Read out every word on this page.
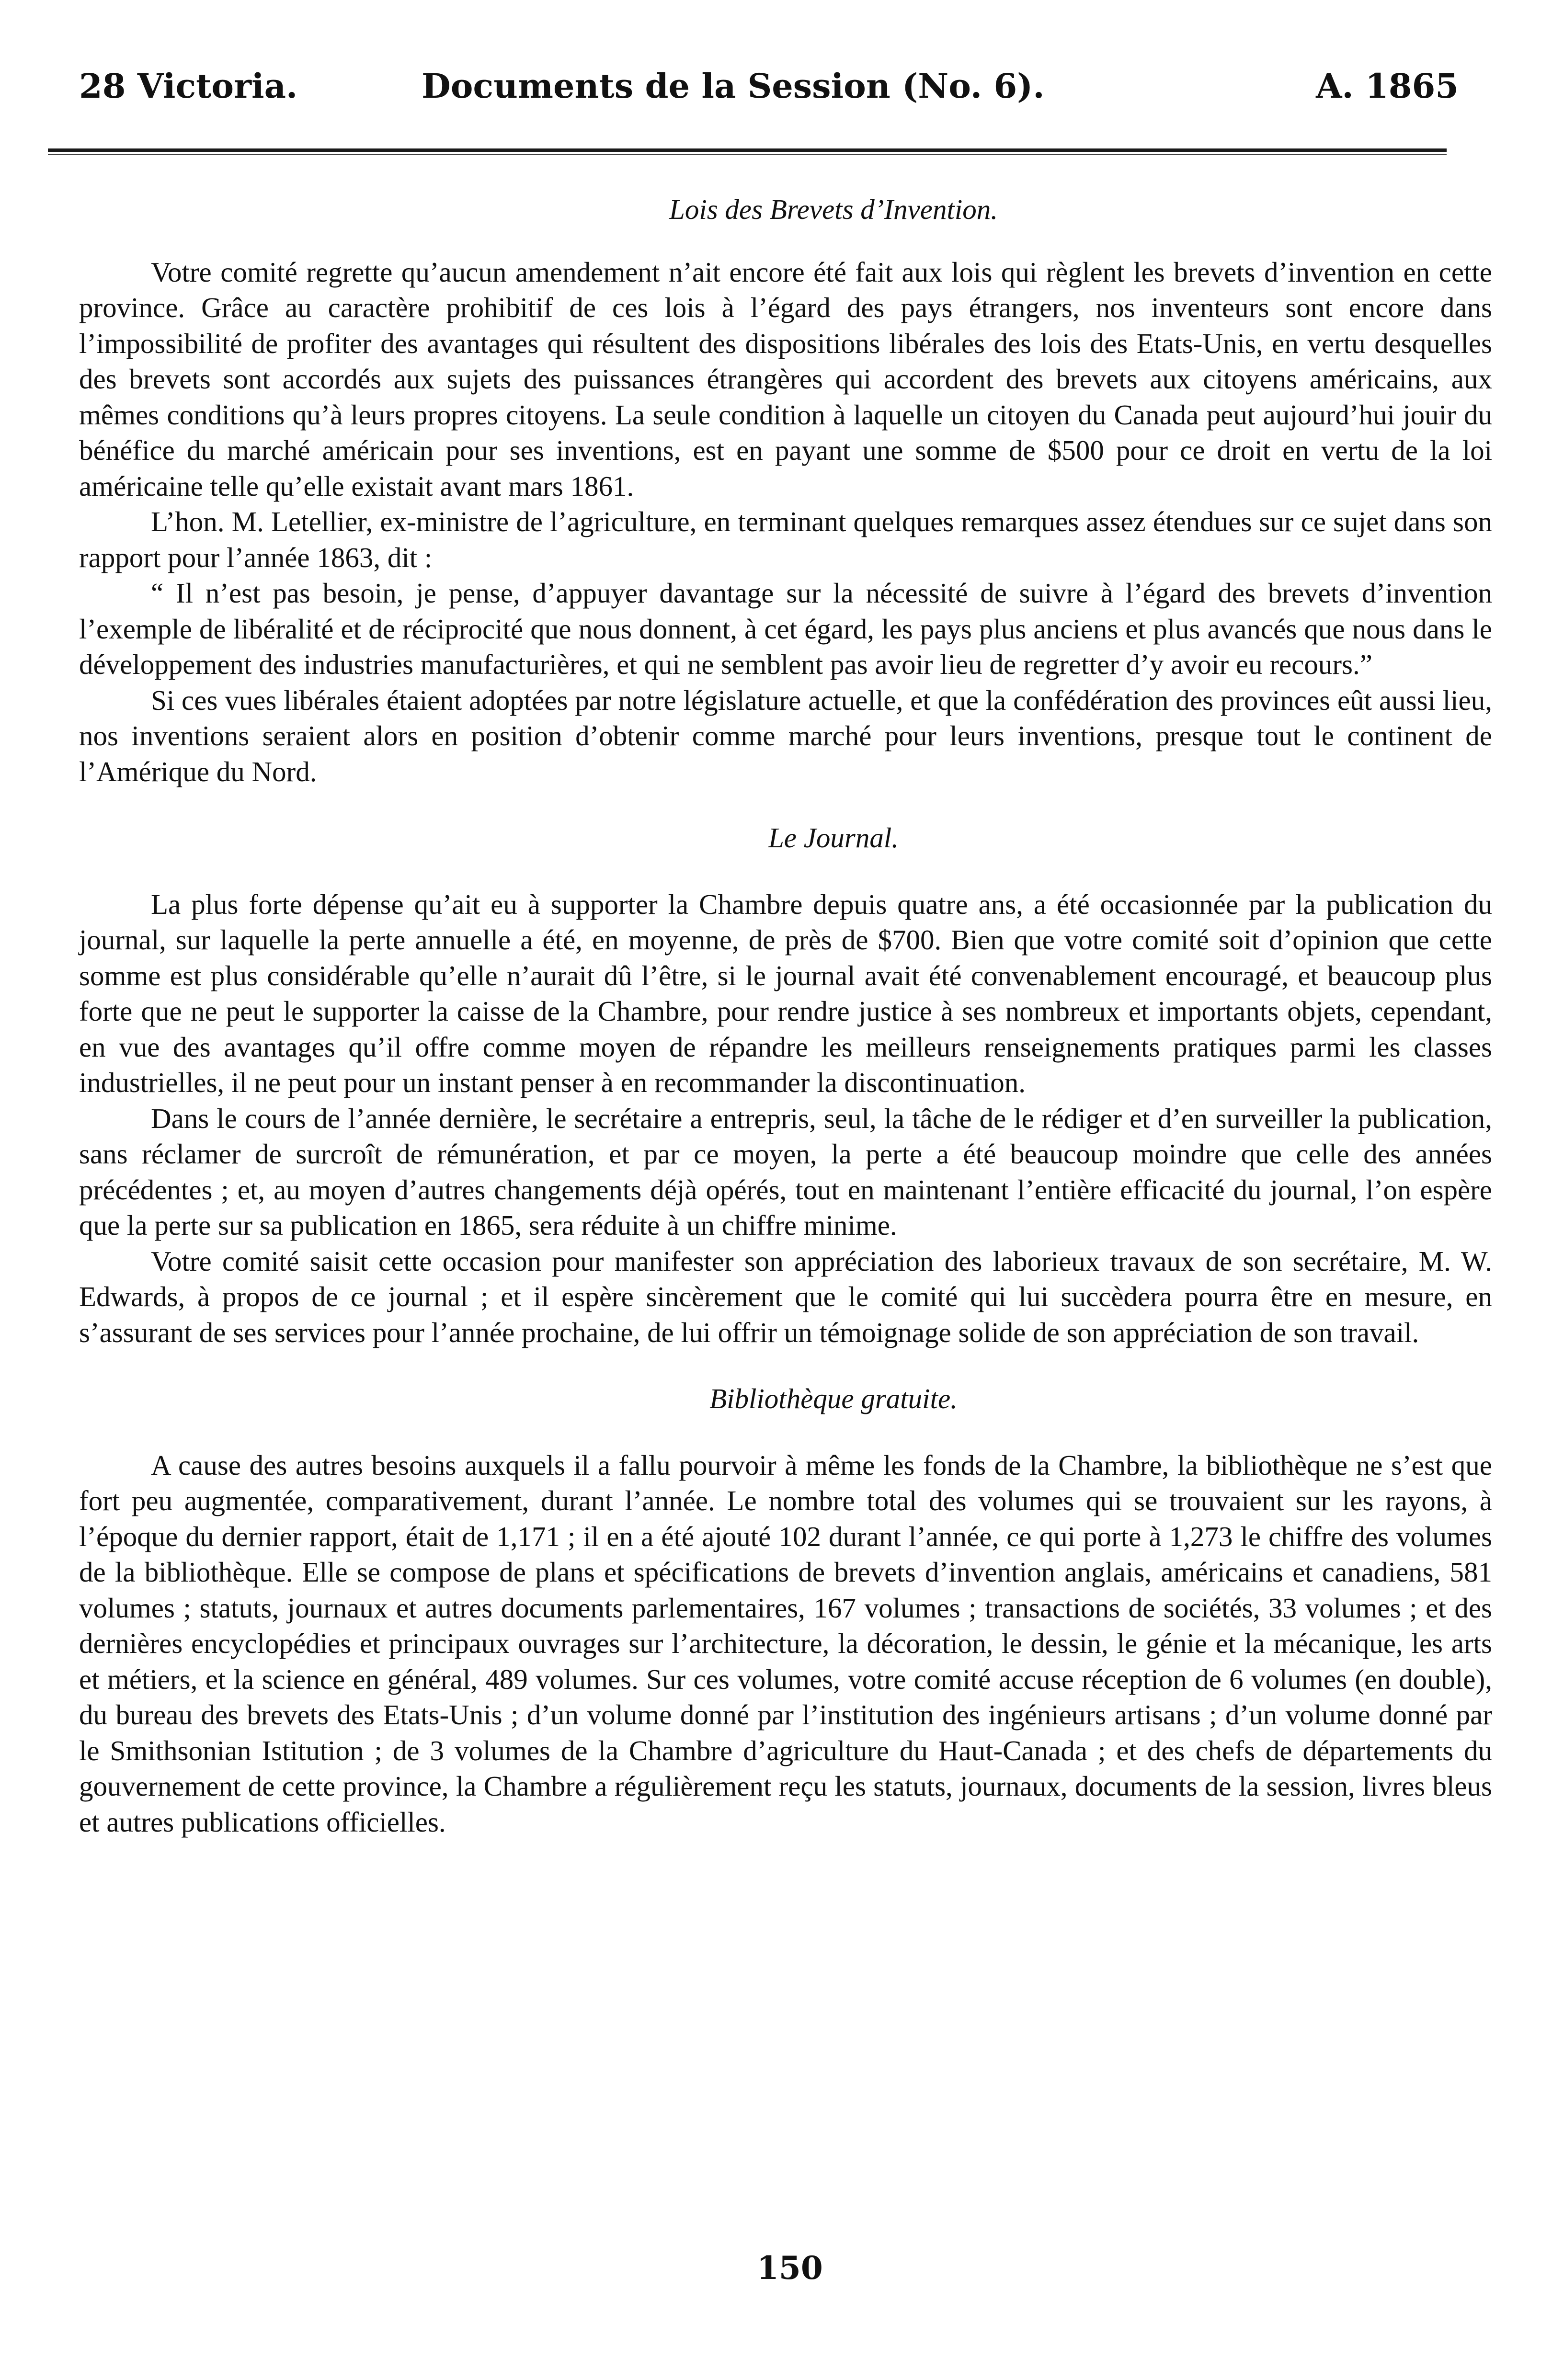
28 Victoria.	Documents de la Session (No. 6).	A. 1865

Lois des Brevets d’Invention.

Votre comité regrette qu’aucun amendement n’ait encore été fait aux lois qui règlent les brevets d’invention en cette province. Grâce au caractère prohibitif de ces lois à l’égard des pays étrangers, nos inventeurs sont encore dans l’impossibilité de profiter des avantages qui résultent des dispositions libérales des lois des Etats-Unis, en vertu desquelles des brevets sont accordés aux sujets des puissances étrangères qui accordent des brevets aux citoyens américains, aux mêmes conditions qu’à leurs propres citoyens. La seule condition à laquelle un citoyen du Canada peut aujourd’hui jouir du bénéfice du marché américain pour ses inventions, est en payant une somme de $500 pour ce droit en vertu de la loi américaine telle qu’elle existait avant mars 1861.

L’hon. M. Letellier, ex-ministre de l’agriculture, en terminant quelques remarques assez étendues sur ce sujet dans son rapport pour l’année 1863, dit :

“ Il n’est pas besoin, je pense, d’appuyer davantage sur la nécessité de suivre à l’égard des brevets d’invention l’exemple de libéralité et de réciprocité que nous donnent, à cet égard, les pays plus anciens et plus avancés que nous dans le développement des industries manufacturières, et qui ne semblent pas avoir lieu de regretter d’y avoir eu recours.”

Si ces vues libérales étaient adoptées par notre législature actuelle, et que la confédération des provinces eût aussi lieu, nos inventions seraient alors en position d’obtenir comme marché pour leurs inventions, presque tout le continent de l’Amérique du Nord.

Le Journal.

La plus forte dépense qu’ait eu à supporter la Chambre depuis quatre ans, a été occasionnée par la publication du journal, sur laquelle la perte annuelle a été, en moyenne, de près de $700. Bien que votre comité soit d’opinion que cette somme est plus considérable qu’elle n’aurait dû l’être, si le journal avait été convenablement encouragé, et beaucoup plus forte que ne peut le supporter la caisse de la Chambre, pour rendre justice à ses nombreux et importants objets, cependant, en vue des avantages qu’il offre comme moyen de répandre les meilleurs renseignements pratiques parmi les classes industrielles, il ne peut pour un instant penser à en recommander la discontinuation.

Dans le cours de l’année dernière, le secrétaire a entrepris, seul, la tâche de le rédiger et d’en surveiller la publication, sans réclamer de surcroît de rémunération, et par ce moyen, la perte a été beaucoup moindre que celle des années précédentes ; et, au moyen d’autres changements déjà opérés, tout en maintenant l’entière efficacité du journal, l’on espère que la perte sur sa publication en 1865, sera réduite à un chiffre minime.

Votre comité saisit cette occasion pour manifester son appréciation des laborieux travaux de son secrétaire, M. W. Edwards, à propos de ce journal ; et il espère sincèrement que le comité qui lui succèdera pourra être en mesure, en s’assurant de ses services pour l’année prochaine, de lui offrir un témoignage solide de son appréciation de son travail.

Bibliothèque gratuite.

A cause des autres besoins auxquels il a fallu pourvoir à même les fonds de la Chambre, la bibliothèque ne s’est que fort peu augmentée, comparativement, durant l’année. Le nombre total des volumes qui se trouvaient sur les rayons, à l’époque du dernier rapport, était de 1,171 ; il en a été ajouté 102 durant l’année, ce qui porte à 1,273 le chiffre des volumes de la bibliothèque. Elle se compose de plans et spécifications de brevets d’invention anglais, américains et canadiens, 581 volumes ; statuts, journaux et autres documents parlementaires, 167 volumes ; transactions de sociétés, 33 volumes ; et des dernières encyclopédies et principaux ouvrages sur l’architecture, la décoration, le dessin, le génie et la mécanique, les arts et métiers, et la science en général, 489 volumes. Sur ces volumes, votre comité accuse réception de 6 volumes (en double), du bureau des brevets des Etats-Unis ; d’un volume donné par l’institution des ingénieurs artisans ; d’un volume donné par le Smithsonian Istitution ; de 3 volumes de la Chambre d’agriculture du Haut-Canada ; et des chefs de départements du gouvernement de cette province, la Chambre a régulièrement reçu les statuts, journaux, documents de la session, livres bleus et autres publications officielles.

150
